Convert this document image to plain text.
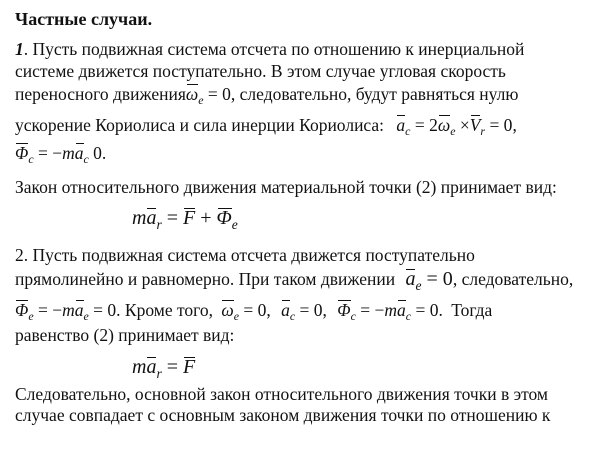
Частные случаи.
1. Пусть подвижная система отсчета по отношению к инерциальной
системе движется поступательно. В этом случае угловая скорость
переносного движенияω$_e$ = 0, следовательно, будут равняться нулю
ускорение Кориолиса и сила инерции Кориолиса: $a_c = 2\omega_e \times V_r = 0$,
$\Phi_c = -ma_c$ 0.
Закон относительного движения материальной точки (2) принимает вид:
$ma_r = F + \Phi_e$
2. Пусть подвижная система отсчета движется поступательно
прямолинейно и равномерно. При таком движении $a_e = 0$, следовательно,
$\Phi_e = -ma_e = 0$. Кроме того, $\omega_e = 0$, $a_c = 0$, $\Phi_c = -ma_c = 0$. Тогда
равенство (2) принимает вид:
$ma_r = F$
Следовательно, основной закон относительного движения точки в этом
случае совпадает с основным законом движения точки по отношению к
